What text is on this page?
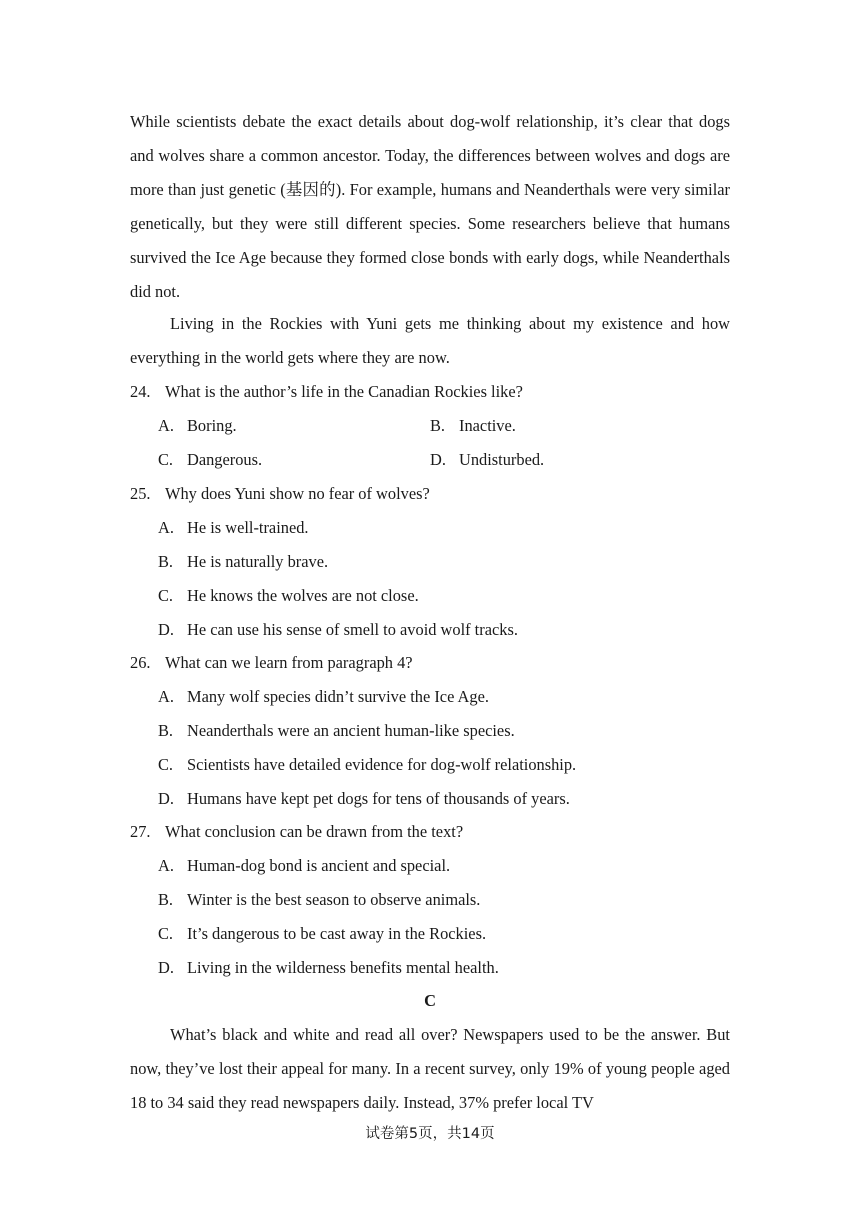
While scientists debate the exact details about dog-wolf relationship, it’s clear that dogs and wolves share a common ancestor. Today, the differences between wolves and dogs are more than just genetic (基因的). For example, humans and Neanderthals were very similar genetically, but they were still different species. Some researchers believe that humans survived the Ice Age because they formed close bonds with early dogs, while Neanderthals did not.

Living in the Rockies with Yuni gets me thinking about my existence and how everything in the world gets where they are now.

24. What is the author’s life in the Canadian Rockies like?
A. Boring.	B. Inactive.
C. Dangerous.	D. Undisturbed.
25. Why does Yuni show no fear of wolves?
A. He is well-trained.
B. He is naturally brave.
C. He knows the wolves are not close.
D. He can use his sense of smell to avoid wolf tracks.
26. What can we learn from paragraph 4?
A. Many wolf species didn’t survive the Ice Age.
B. Neanderthals were an ancient human-like species.
C. Scientists have detailed evidence for dog-wolf relationship.
D. Humans have kept pet dogs for tens of thousands of years.
27. What conclusion can be drawn from the text?
A. Human-dog bond is ancient and special.
B. Winter is the best season to observe animals.
C. It’s dangerous to be cast away in the Rockies.
D. Living in the wilderness benefits mental health.
C

What’s black and white and read all over? Newspapers used to be the answer. But now, they’ve lost their appeal for many. In a recent survey, only 19% of young people aged 18 to 34 said they read newspapers daily. Instead, 37% prefer local TV

试卷第5页，共14页
